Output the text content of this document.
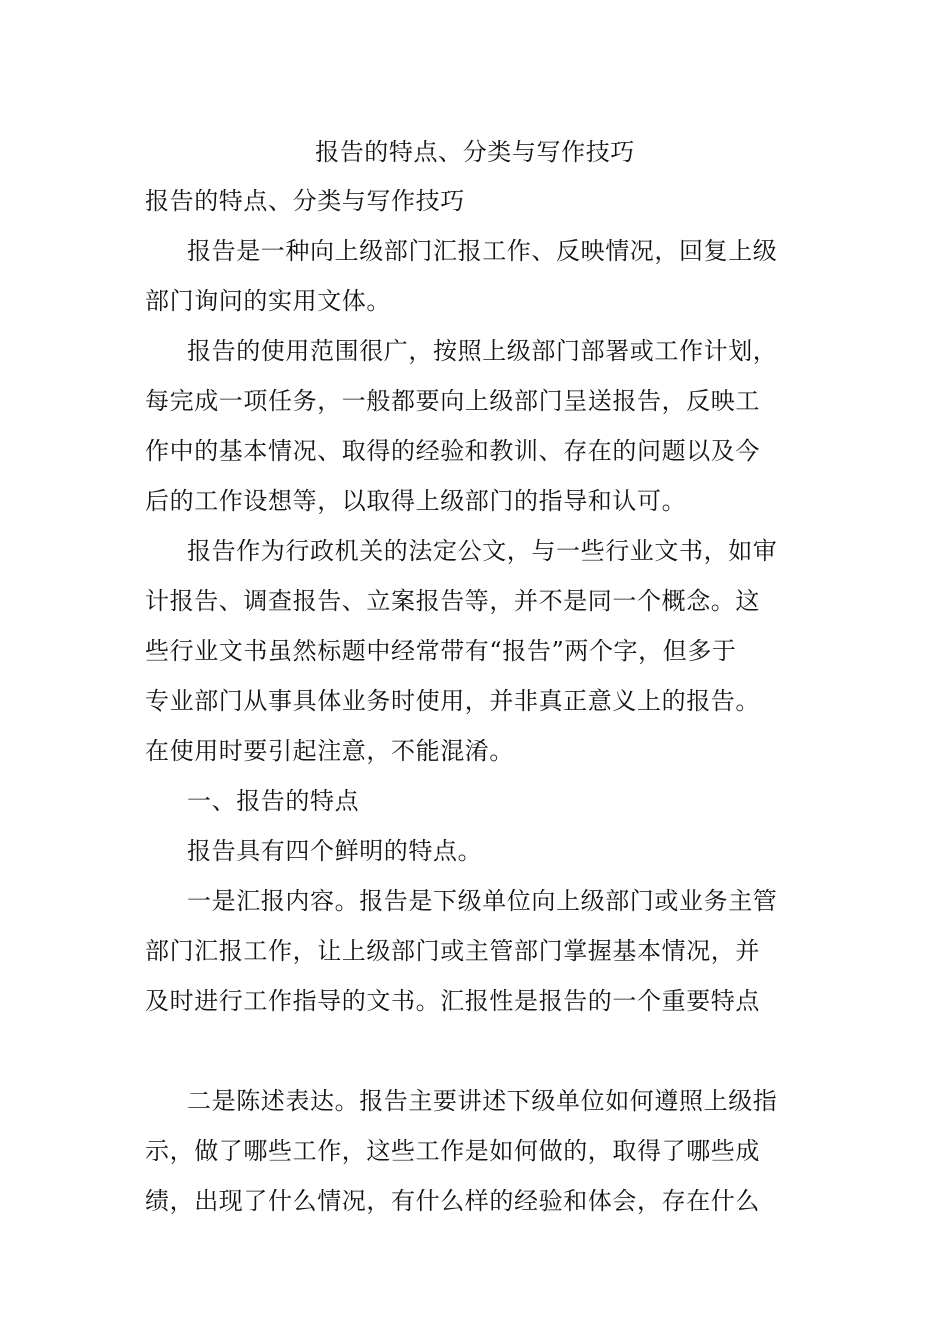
报告的特点、分类与写作技巧
报告的特点、分类与写作技巧
报告是一种向上级部门汇报工作、反映情况，回复上级
部门询问的实用文体。
报告的使用范围很广，按照上级部门部署或工作计划，
每完成一项任务，一般都要向上级部门呈送报告，反映工
作中的基本情况、取得的经验和教训、存在的问题以及今
后的工作设想等，以取得上级部门的指导和认可。
报告作为行政机关的法定公文，与一些行业文书，如审
计报告、调查报告、立案报告等，并不是同一个概念。这
些行业文书虽然标题中经常带有“报告”两个字，但多于
专业部门从事具体业务时使用，并非真正意义上的报告。
在使用时要引起注意，不能混淆。
一、报告的特点
报告具有四个鲜明的特点。
一是汇报内容。报告是下级单位向上级部门或业务主管
部门汇报工作，让上级部门或主管部门掌握基本情况，并
及时进行工作指导的文书。汇报性是报告的一个重要特点
二是陈述表达。报告主要讲述下级单位如何遵照上级指
示，做了哪些工作，这些工作是如何做的，取得了哪些成
绩，出现了什么情况，有什么样的经验和体会，存在什么
